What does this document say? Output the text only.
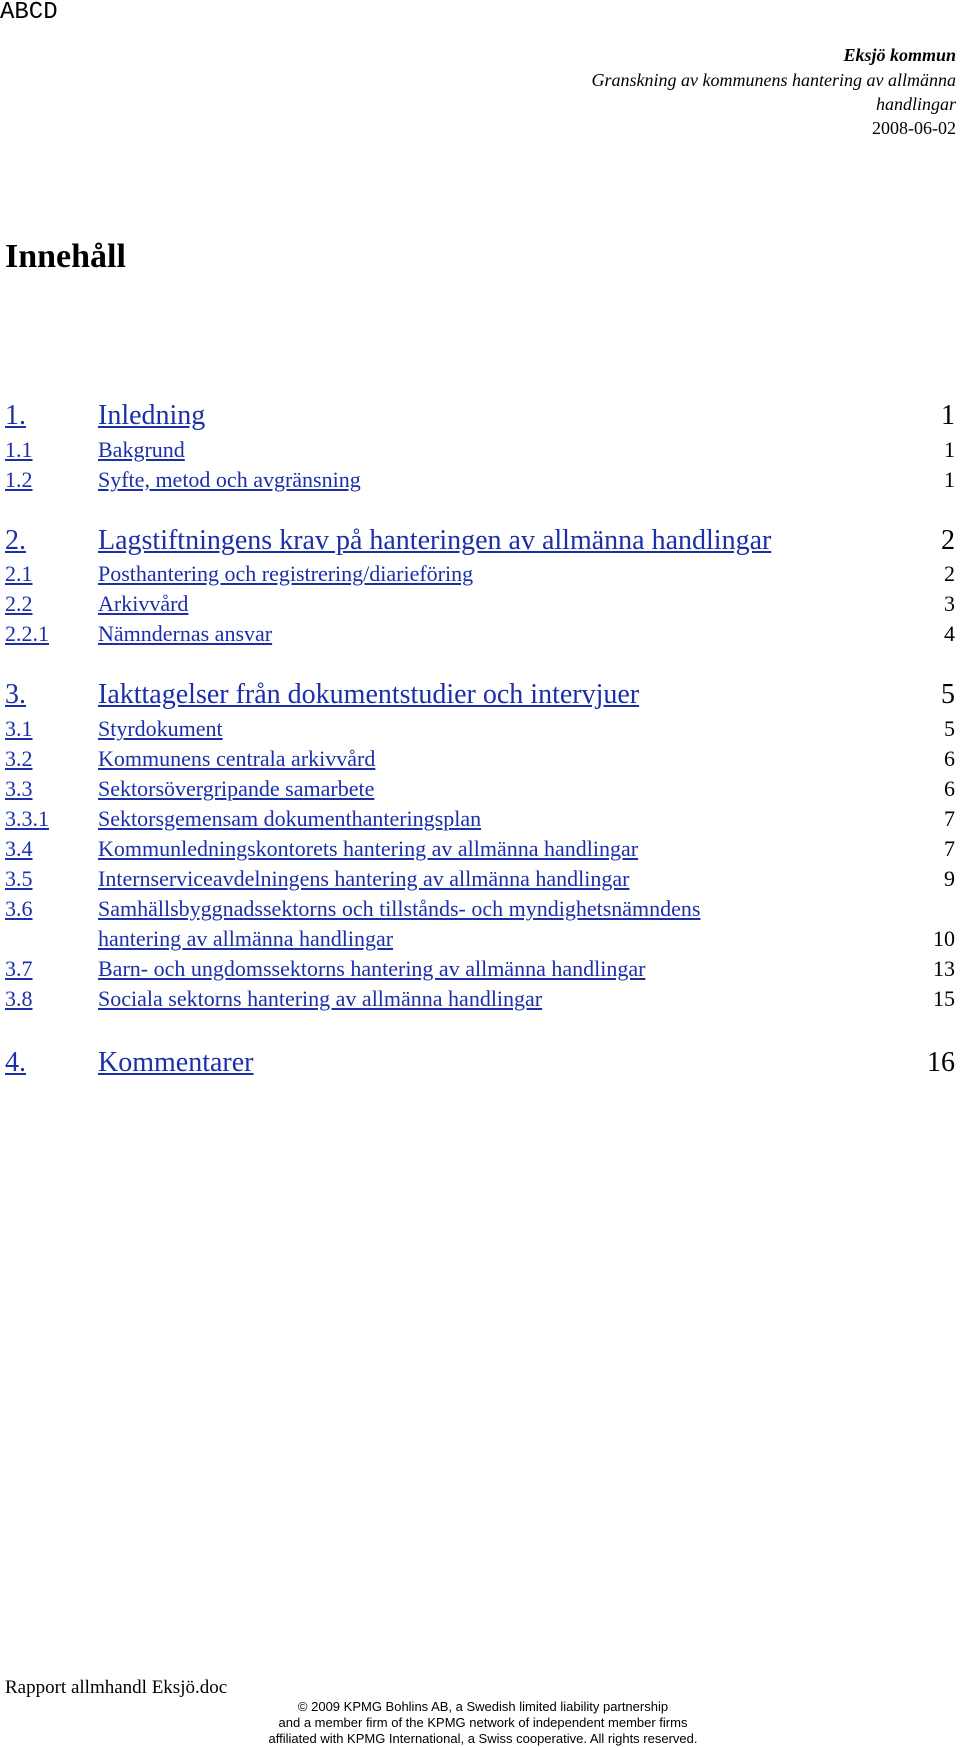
ABCD
Eksjö kommun
Granskning av kommunens hantering av allmänna
handlingar
2008-06-02
Innehåll
1.	Inledning	1
1.1	Bakgrund	1
1.2	Syfte, metod och avgränsning	1
2.	Lagstiftningens krav på hanteringen av allmänna handlingar	2
2.1	Posthantering och registrering/diarieföring	2
2.2	Arkivvård	3
2.2.1 Nämndernas ansvar	4
3.	Iakttagelser från dokumentstudier och intervjuer	5
3.1	Styrdokument	5
3.2	Kommunens centrala arkivvård	6
3.3	Sektorsövergripande samarbete	6
3.3.1 Sektorsgemensam dokumenthanteringsplan	7
3.4	Kommunledningskontorets hantering av allmänna handlingar	7
3.5	Internserviceavdelningens hantering av allmänna handlingar	9
3.6	Samhällsbyggnadssektorns och tillstånds- och myndighetsnämndens
hantering av allmänna handlingar	10
3.7	Barn- och ungdomssektorns hantering av allmänna handlingar	13
3.8	Sociala sektorns hantering av allmänna handlingar	15
4.	Kommentarer	16
Rapport allmhandl Eksjö.doc
© 2009 KPMG Bohlins AB, a Swedish limited liability partnership
and a member firm of the KPMG network of independent member firms
affiliated with KPMG International, a Swiss cooperative. All rights reserved.
